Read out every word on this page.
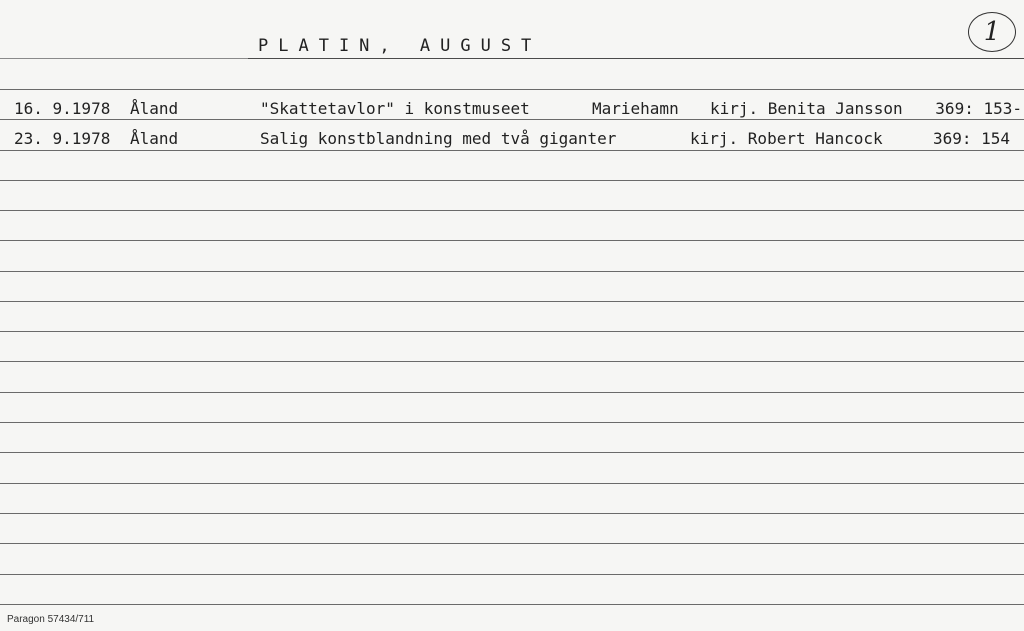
PLATIN, AUGUST	1
16. 9.1978 Åland	"Skattetavlor" i konstmuseet	Mariehamn kirj. Benita Jansson 369: 153-
23. 9.1978 Åland	Salig konstblandning med två giganter	kirj. Robert Hancock	369: 154
Paragon 57434/711
